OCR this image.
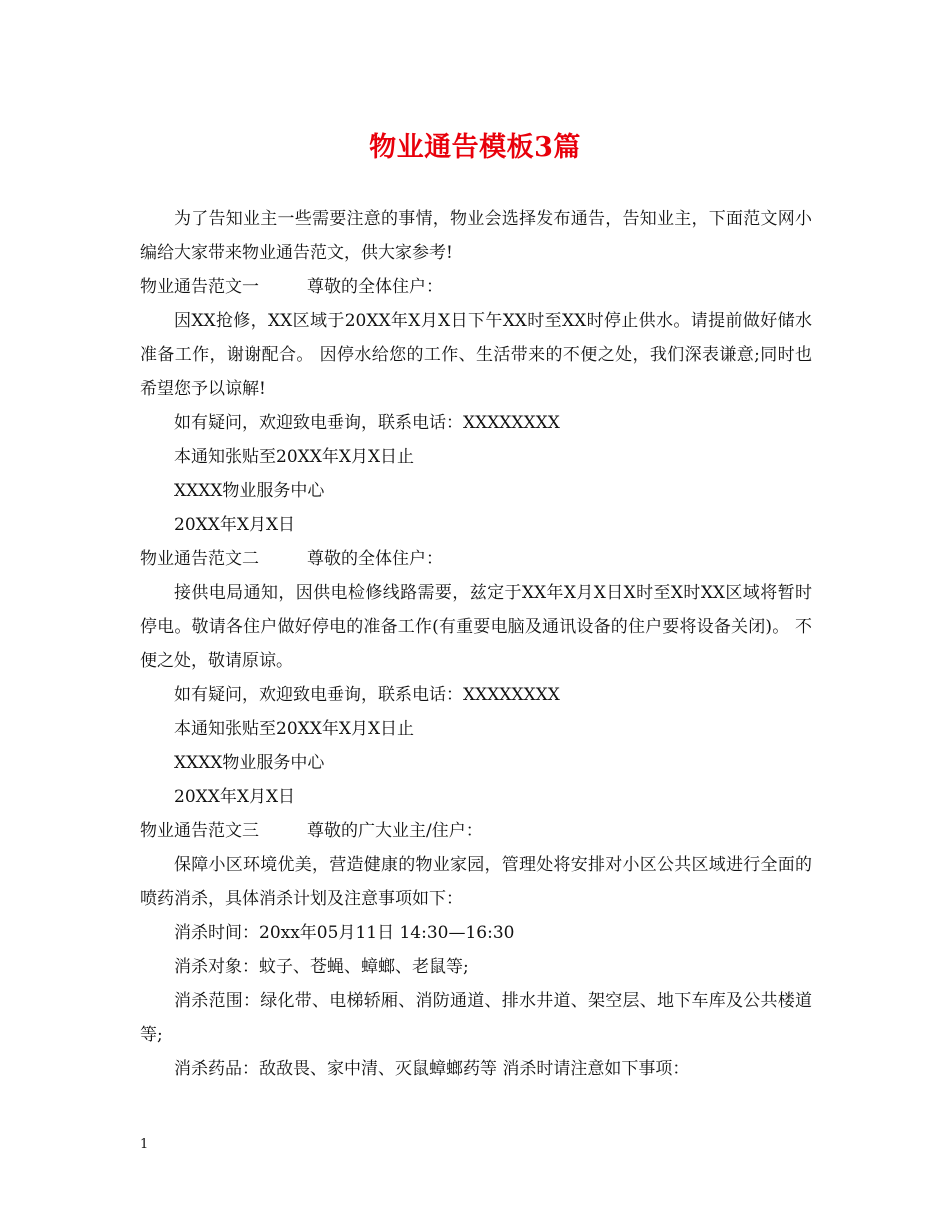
物业通告模板3篇

为了告知业主一些需要注意的事情，物业会选择发布通告，告知业主，下面范文网小编给大家带来物业通告范文，供大家参考!

物业通告范文一	尊敬的全体住户：

因XX抢修，XX区域于20XX年X月X日下午XX时至XX时停止供水。请提前做好储水准备工作，谢谢配合。 因停水给您的工作、生活带来的不便之处，我们深表谦意;同时也希望您予以谅解!

如有疑问，欢迎致电垂询，联系电话：XXXXXXXX

本通知张贴至20XX年X月X日止

XXXX物业服务中心

20XX年X月X日

物业通告范文二	尊敬的全体住户：

接供电局通知，因供电检修线路需要，兹定于XX年X月X日X时至X时XX区域将暂时停电。敬请各住户做好停电的准备工作(有重要电脑及通讯设备的住户要将设备关闭)。 不便之处，敬请原谅。

如有疑问，欢迎致电垂询，联系电话：XXXXXXXX

本通知张贴至20XX年X月X日止

XXXX物业服务中心

20XX年X月X日

物业通告范文三	尊敬的广大业主/住户：

保障小区环境优美，营造健康的物业家园，管理处将安排对小区公共区域进行全面的喷药消杀，具体消杀计划及注意事项如下：

消杀时间：20xx年05月11日 14:30—16:30

消杀对象：蚊子、苍蝇、蟑螂、老鼠等;

消杀范围：绿化带、电梯轿厢、消防通道、排水井道、架空层、地下车库及公共楼道等;

消杀药品：敌敌畏、家中清、灭鼠蟑螂药等 消杀时请注意如下事项：

1
